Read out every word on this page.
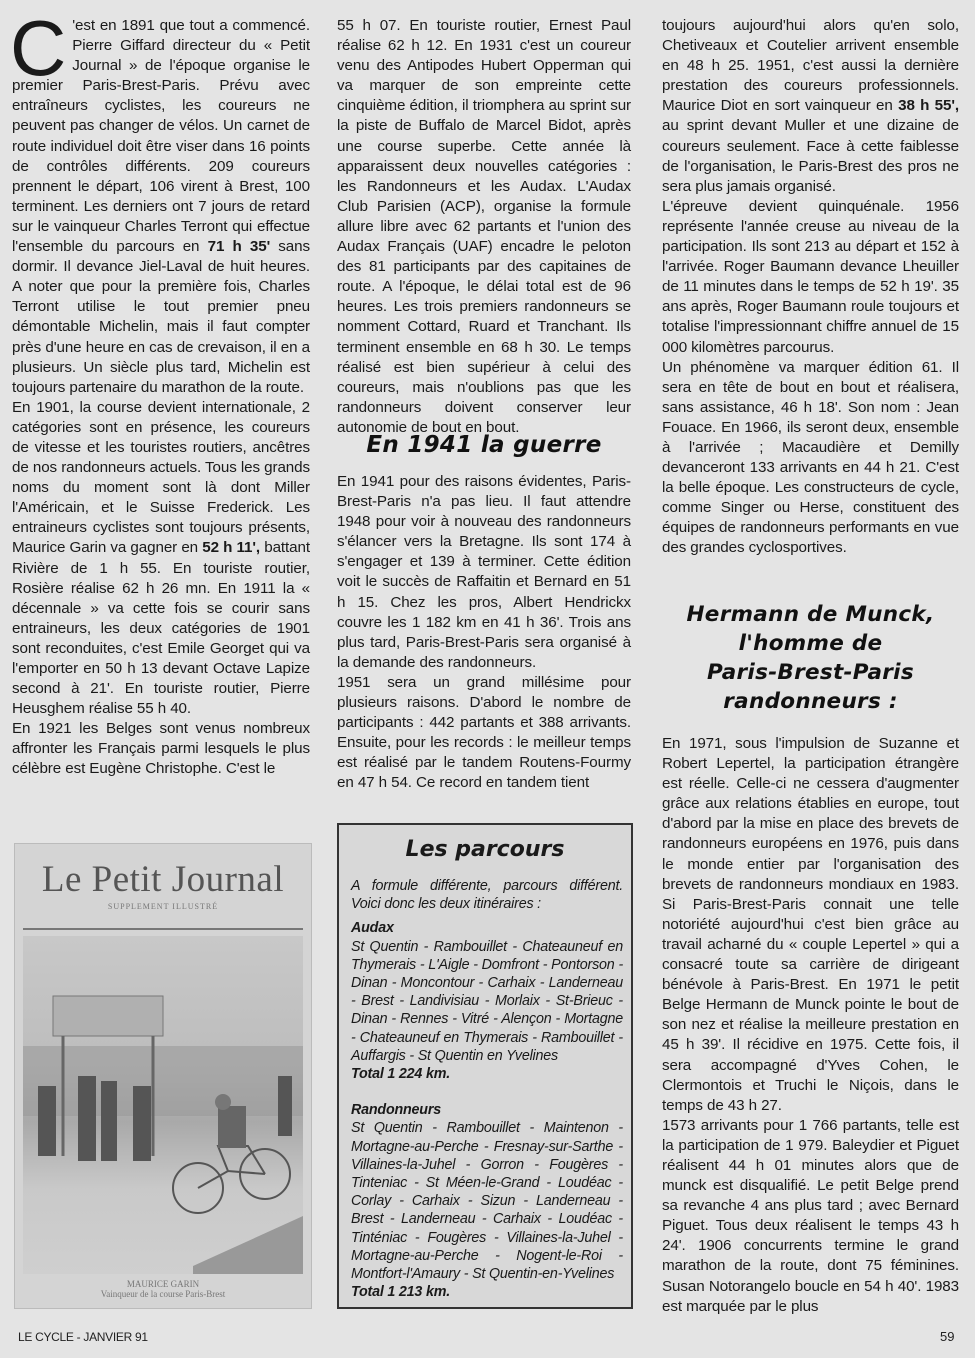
C 'est en 1891 que tout a commencé. Pierre Giffard directeur du « Petit Journal » de l'époque organise le premier Paris-Brest-Paris. Prévu avec entraîneurs cyclistes, les coureurs ne peuvent pas changer de vélos. Un carnet de route individuel doit être viser dans 16 points de contrôles différents. 209 coureurs prennent le départ, 106 virent à Brest, 100 terminent. Les derniers ont 7 jours de retard sur le vainqueur Charles Terront qui effectue l'ensemble du parcours en 71 h 35' sans dormir. Il devance Jiel-Laval de huit heures. A noter que pour la première fois, Charles Terront utilise le tout premier pneu démontable Michelin, mais il faut compter près d'une heure en cas de crevaison, il en a plusieurs. Un siècle plus tard, Michelin est toujours partenaire du marathon de la route.

En 1901, la course devient internationale, 2 catégories sont en présence, les coureurs de vitesse et les touristes routiers, ancêtres de nos randonneurs actuels. Tous les grands noms du moment sont là dont Miller l'Américain, et le Suisse Frederick. Les entraineurs cyclistes sont toujours présents, Maurice Garin va gagner en 52 h 11', battant Rivière de 1 h 55. En touriste routier, Rosière réalise 62 h 26 mn. En 1911 la « décennale » va cette fois se courir sans entraineurs, les deux catégories de 1901 sont reconduites, c'est Emile Georget qui va l'emporter en 50 h 13 devant Octave Lapize second à 21'. En touriste routier, Pierre Heusghem réalise 55 h 40.

En 1921 les Belges sont venus nombreux affronter les Français parmi lesquels le plus célèbre est Eugène Christophe. C'est le

Le Petit Journal
SUPPLEMENT ILLUSTRÉ
MAURICE GARIN
Vainqueur de la course Paris-Brest

55 h 07. En touriste routier, Ernest Paul réalise 62 h 12. En 1931 c'est un coureur venu des Antipodes Hubert Opperman qui va marquer de son empreinte cette cinquième édition, il triomphera au sprint sur la piste de Buffalo de Marcel Bidot, après une course superbe. Cette année là apparaissent deux nouvelles catégories : les Randonneurs et les Audax. L'Audax Club Parisien (ACP), organise la formule allure libre avec 62 partants et l'union des Audax Français (UAF) encadre le peloton des 81 participants par des capitaines de route. A l'époque, le délai total est de 96 heures. Les trois premiers randonneurs se nomment Cottard, Ruard et Tranchant. Ils terminent ensemble en 68 h 30. Le temps réalisé est bien supérieur à celui des coureurs, mais n'oublions pas que les randonneurs doivent conserver leur autonomie de bout en bout.

En 1941 la guerre

En 1941 pour des raisons évidentes, Paris-Brest-Paris n'a pas lieu. Il faut attendre 1948 pour voir à nouveau des randonneurs s'élancer vers la Bretagne. Ils sont 174 à s'engager et 139 à terminer. Cette édition voit le succès de Raffaitin et Bernard en 51 h 15. Chez les pros, Albert Hendrickx couvre les 1 182 km en 41 h 36'. Trois ans plus tard, Paris-Brest-Paris sera organisé à la demande des randonneurs.

1951 sera un grand millésime pour plusieurs raisons. D'abord le nombre de participants : 442 partants et 388 arrivants. Ensuite, pour les records : le meilleur temps est réalisé par le tandem Routens-Fourmy en 47 h 54. Ce record en tandem tient

Les parcours

A formule différente, parcours différent. Voici donc les deux itinéraires :

Audax

St Quentin - Rambouillet - Chateauneuf en Thymerais - L'Aigle - Domfront - Pontorson - Dinan - Moncontour - Carhaix - Landerneau - Brest - Landivisiau - Morlaix - St-Brieuc - Dinan - Rennes - Vitré - Alençon - Mortagne - Chateauneuf en Thymerais - Rambouillet - Auffargis - St Quentin en Yvelines

Total 1 224 km.

Randonneurs

St Quentin - Rambouillet - Maintenon - Mortagne-au-Perche - Fresnay-sur-Sarthe - Villaines-la-Juhel - Gorron - Fougères - Tinteniac - St Méen-le-Grand - Loudéac - Corlay - Carhaix - Sizun - Landerneau - Brest - Landerneau - Carhaix - Loudéac - Tinténiac - Fougères - Villaines-la-Juhel - Mortagne-au-Perche - Nogent-le-Roi - Montfort-l'Amaury - St Quentin-en-Yvelines

Total 1 213 km.

toujours aujourd'hui alors qu'en solo, Chetiveaux et Coutelier arrivent ensemble en 48 h 25. 1951, c'est aussi la dernière prestation des coureurs professionnels. Maurice Diot en sort vainqueur en 38 h 55', au sprint devant Muller et une dizaine de coureurs seulement. Face à cette faiblesse de l'organisation, le Paris-Brest des pros ne sera plus jamais organisé.

L'épreuve devient quinquénale. 1956 représente l'année creuse au niveau de la participation. Ils sont 213 au départ et 152 à l'arrivée. Roger Baumann devance Lheuiller de 11 minutes dans le temps de 52 h 19'. 35 ans après, Roger Baumann roule toujours et totalise l'impressionnant chiffre annuel de 15 000 kilomètres parcourus.

Un phénomène va marquer édition 61. Il sera en tête de bout en bout et réalisera, sans assistance, 46 h 18'. Son nom : Jean Fouace. En 1966, ils seront deux, ensemble à l'arrivée ; Macaudière et Demilly devanceront 133 arrivants en 44 h 21. C'est la belle époque. Les constructeurs de cycle, comme Singer ou Herse, constituent des équipes de randonneurs performants en vue des grandes cyclosportives.

Hermann de Munck,
l'homme de
Paris-Brest-Paris
randonneurs :

En 1971, sous l'impulsion de Suzanne et Robert Lepertel, la participation étrangère est réelle. Celle-ci ne cessera d'augmenter grâce aux relations établies en europe, tout d'abord par la mise en place des brevets de randonneurs européens en 1976, puis dans le monde entier par l'organisation des brevets de randonneurs mondiaux en 1983. Si Paris-Brest-Paris connait une telle notoriété aujourd'hui c'est bien grâce au travail acharné du « couple Lepertel » qui a consacré toute sa carrière de dirigeant bénévole à Paris-Brest. En 1971 le petit Belge Hermann de Munck pointe le bout de son nez et réalise la meilleure prestation en 45 h 39'. Il récidive en 1975. Cette fois, il sera accompagné d'Yves Cohen, le Clermontois et Truchi le Niçois, dans le temps de 43 h 27.

1573 arrivants pour 1 766 partants, telle est la participation de 1 979. Baleydier et Piguet réalisent 44 h 01 minutes alors que de munck est disqualifié. Le petit Belge prend sa revanche 4 ans plus tard ; avec Bernard Piguet. Tous deux réalisent le temps 43 h 24'. 1906 concurrents termine le grand marathon de la route, dont 75 féminines. Susan Notorangelo boucle en 54 h 40'. 1983 est marquée par le plus

LE CYCLE - JANVIER 91	59
